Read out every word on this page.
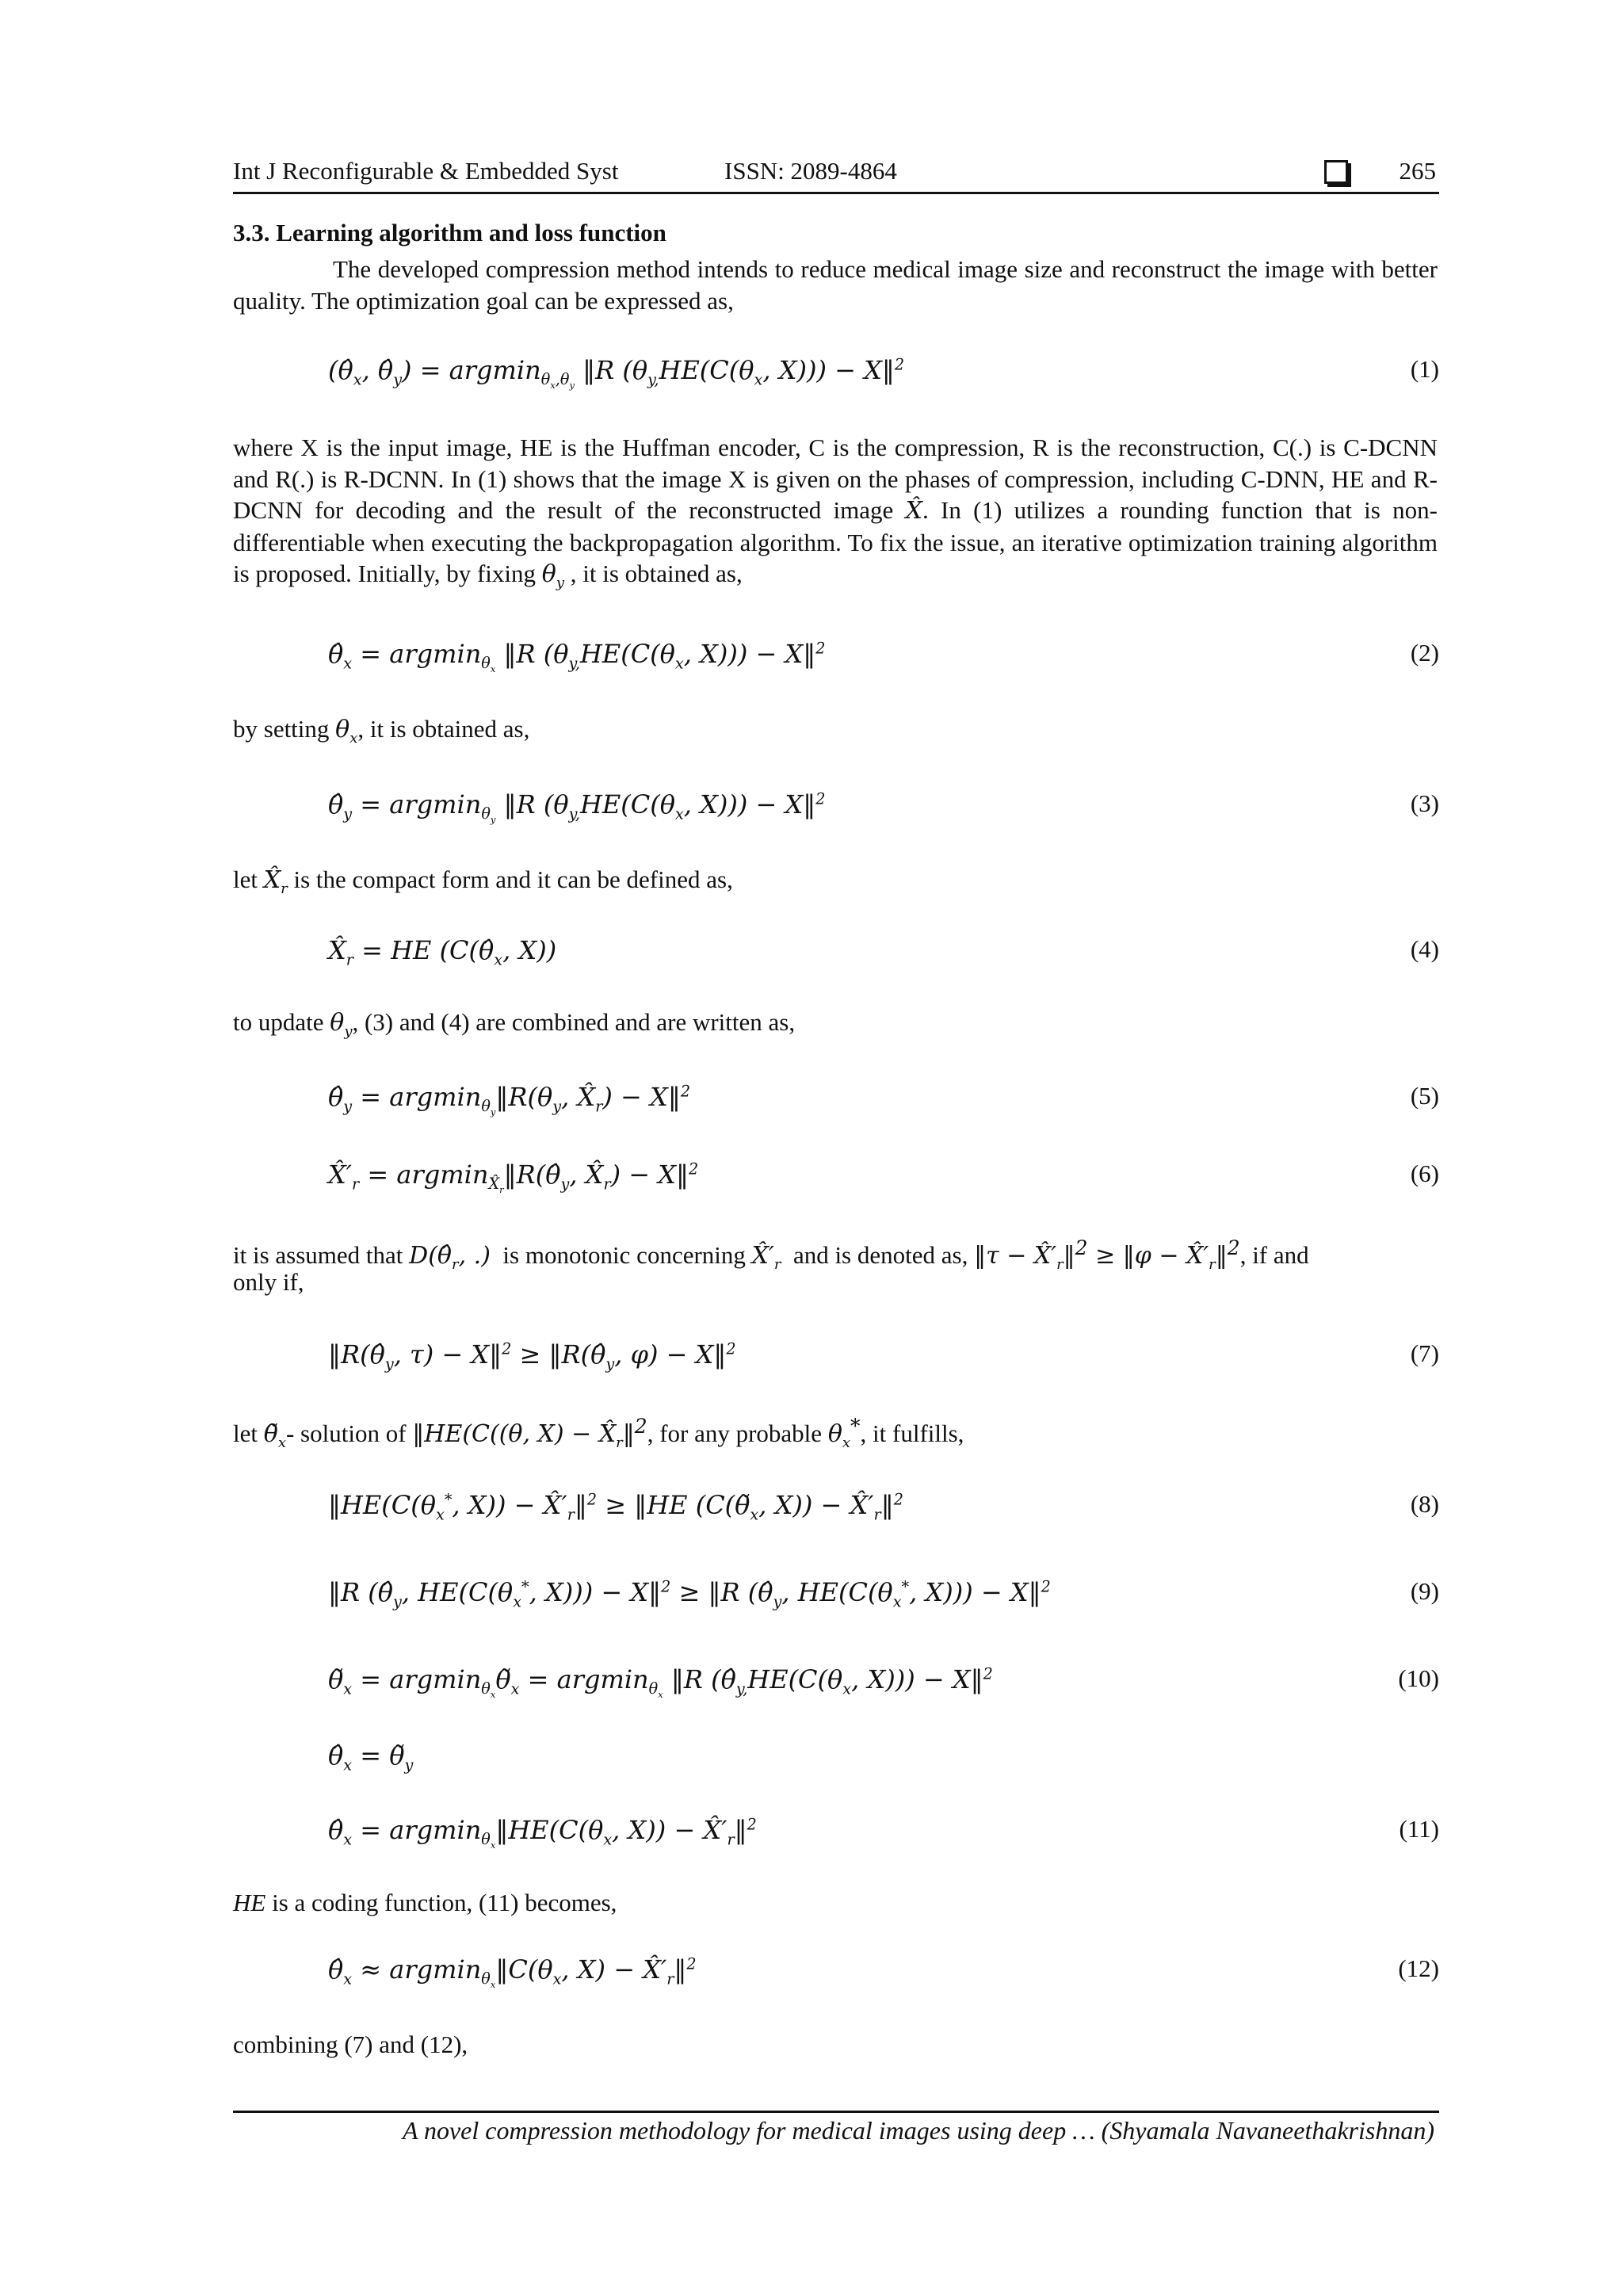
Int J Reconfigurable & Embedded Syst	ISSN: 2089-4864	265
3.3. Learning algorithm and loss function

The developed compression method intends to reduce medical image size and reconstruct the image with better quality. The optimization goal can be expressed as,

($\thetâ_x$, $\thetâ_y) = argmin_{\theta_x,\theta_y}$ ‖R ($\theta_{y,}HE(C(\theta_x$, X))) − X‖$^2$	(1)

where X is the input image, HE is the Huffman encoder, C is the compression, R is the reconstruction, C(.) is C-DCNN and R(.) is R-DCNN. In (1) shows that the image X is given on the phases of compression, including C-DNN, HE and R-DCNN for decoding and the result of the reconstructed image X̂. In (1) utilizes a rounding function that is non-differentiable when executing the backpropagation algorithm. To fix the issue, an iterative optimization training algorithm is proposed. Initially, by fixing $\theta_y$ , it is obtained as,

$\thetâ_x = argmin_{\theta_x}$ ‖R ($\theta_{y,}HE(C(\theta_x$, X))) − X‖$^2$	(2)
by setting $\theta_x$, it is obtained as,
$\thetâ_y = argmin_{\theta_y}$ ‖R ($\theta_{y,}HE(C(\theta_x$, X))) − X‖$^2$	(3)
let $X̂_r$ is the compact form and it can be defined as,
$X̂_r$ = HE ($C(\thetâ_x$, X))	(4)
to update $\theta_y$, (3) and (4) are combined and are written as,
$\thetâ_y$ = $argmin_{\theta_y}‖R(\theta_y$, $X̂_r$) − X‖$^2$	(5)
$X̂'_r$ = $argmin_{X̂_r}‖R(\thetâ_y$, $X̂_r$) − X‖$^2$	(6)
it is assumed that $D(\thetâ_r$, .) is monotonic concerning $X̂'_r$ and is denoted as, ‖τ − $X̂'_r‖^2$ ≥ ‖φ − $X̂'_r‖^2$, if and
only if,
$‖R(\thetâ_y$, τ) − X‖$^2$ ≥ $‖R(\thetâ_y$, φ) − X‖$^2$	(7)
let $\thetã_x-$ solution of ‖HE(C((θ, $X) - X̂_r‖^2$, for any probable $\theta_x^*$, it fulfills,
$‖HE(C(\theta_x^*$, $X)) - X̂'_r‖^2$ ≥ ‖HE ($C(\thetã_x$, $X)) - X̂'_r‖^2$	(8)
‖R ($\thetâ_y$, $HE(C(\theta_x^*$, X))) − X‖$^2$ ≥ ‖R ($\thetâ_y$, $HE(C(\theta_x^*$, X))) − X‖$^2$	(9)
$\thetã_x$ = $argmin_{\theta_x}\thetã_x = argmin_{\theta_x}$ ‖R ($\thetâ_{y,}HE(C(\theta_x$, X))) − X‖$^2$	(10)
$\thetâ_x$ = $\thetã_y$
$\thetâ_x$ = $argmin_{\theta_x}‖HE(C(\theta_x$, $X)) - X̂'_r‖^2$	(11)
HE is a coding function, (11) becomes,
$\thetâ_x$ ≈ $argmin_{\theta_x}‖C(\theta_x$, $X) - X̂'_r‖^2$	(12)
combining (7) and (12),
A novel compression methodology for medical images using deep … (Shyamala Navaneethakrishnan)
